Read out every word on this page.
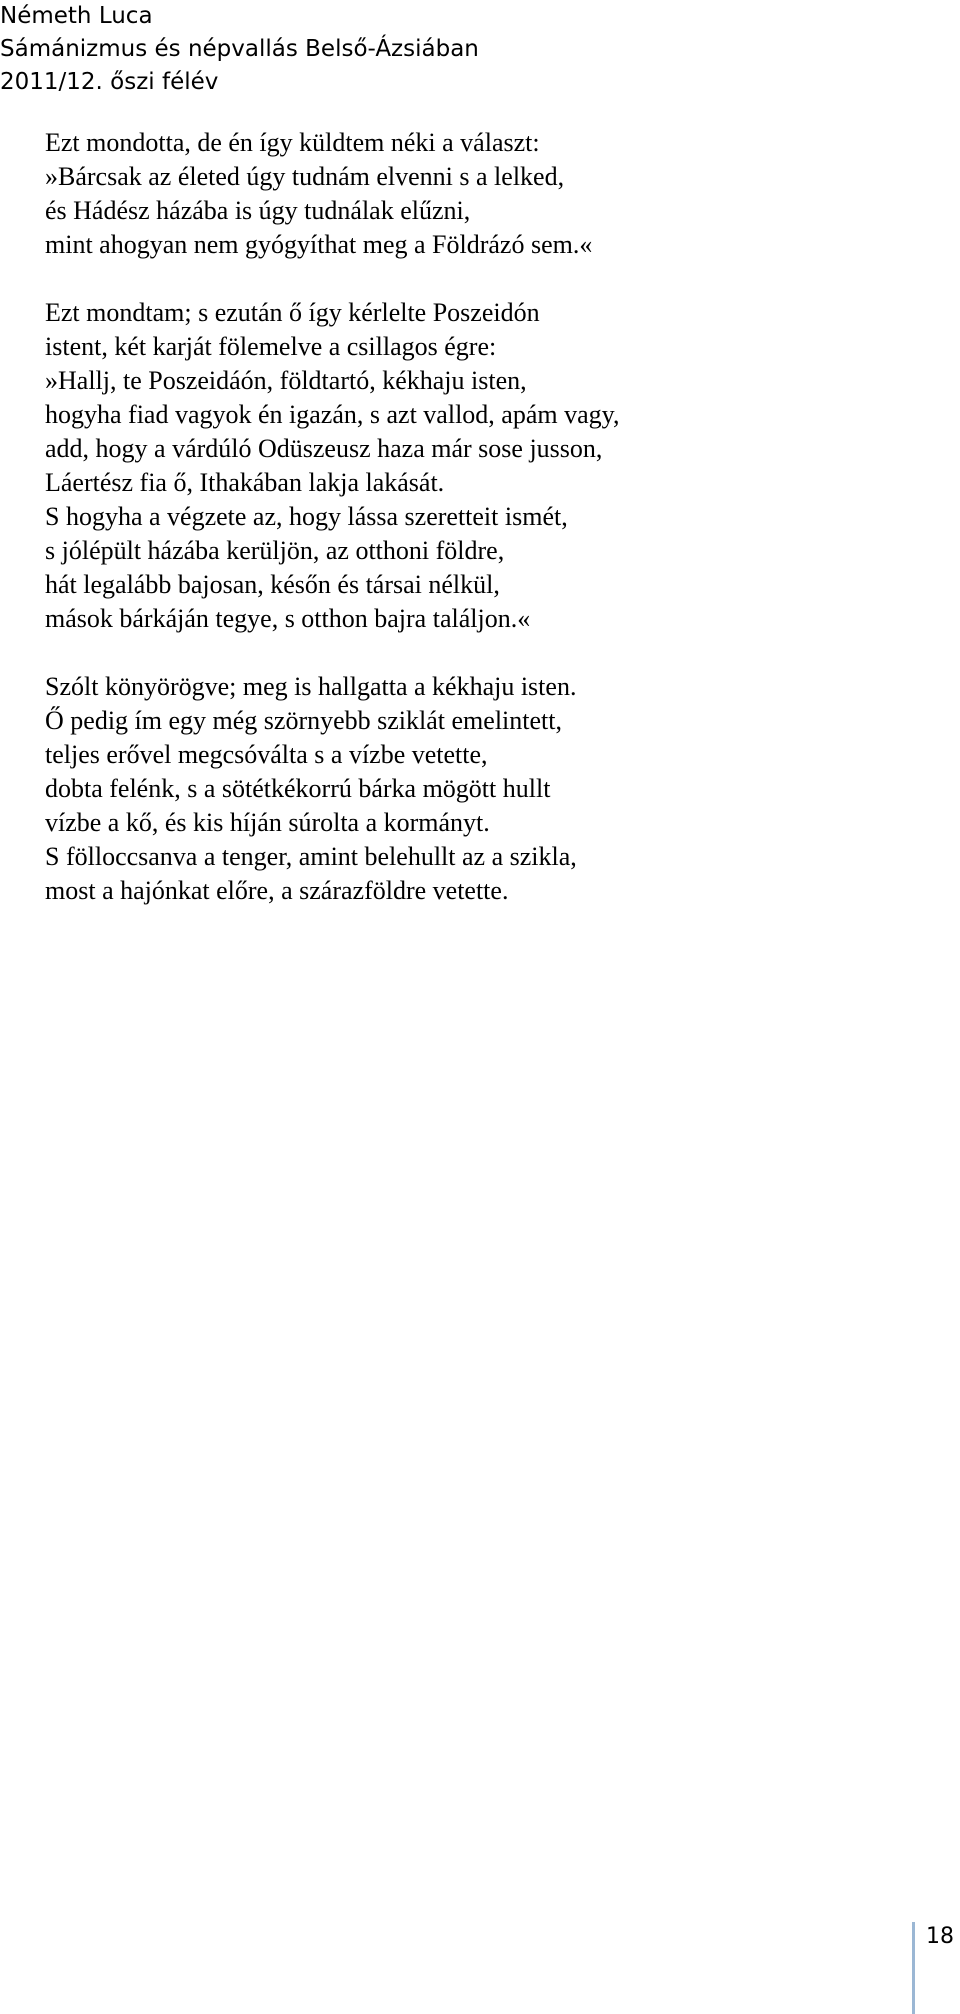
Németh Luca
Sámánizmus és népvallás Belső-Ázsiában
2011/12. őszi félév
Ezt mondotta, de én így küldtem néki a választ:
»Bárcsak az életed úgy tudnám elvenni s a lelked,
és Hádész házába is úgy tudnálak elűzni,
mint ahogyan nem gyógyíthat meg a Földrázó sem.«
Ezt mondtam; s ezután ő így kérlelte Poszeidón
istent, két karját fölemelve a csillagos égre:
»Hallj, te Poszeidáón, földtartó, kékhaju isten,
hogyha fiad vagyok én igazán, s azt vallod, apám vagy,
add, hogy a várdúló Odüszeusz haza már sose jusson,
Láertész fia ő, Ithakában lakja lakását.
S hogyha a végzete az, hogy lássa szeretteit ismét,
s jólépült házába kerüljön, az otthoni földre,
hát legalább bajosan, későn és társai nélkül,
mások bárkáján tegye, s otthon bajra találjon.«
Szólt könyörögve; meg is hallgatta a kékhaju isten.
Ő pedig ím egy még szörnyebb sziklát emelintett,
teljes erővel megcsóválta s a vízbe vetette,
dobta felénk, s a sötétkékorrú bárka mögött hullt
vízbe a kő, és kis híján súrolta a kormányt.
S fölloccsanva a tenger, amint belehullt az a szikla,
most a hajónkat előre, a szárazföldre vetette.
18
